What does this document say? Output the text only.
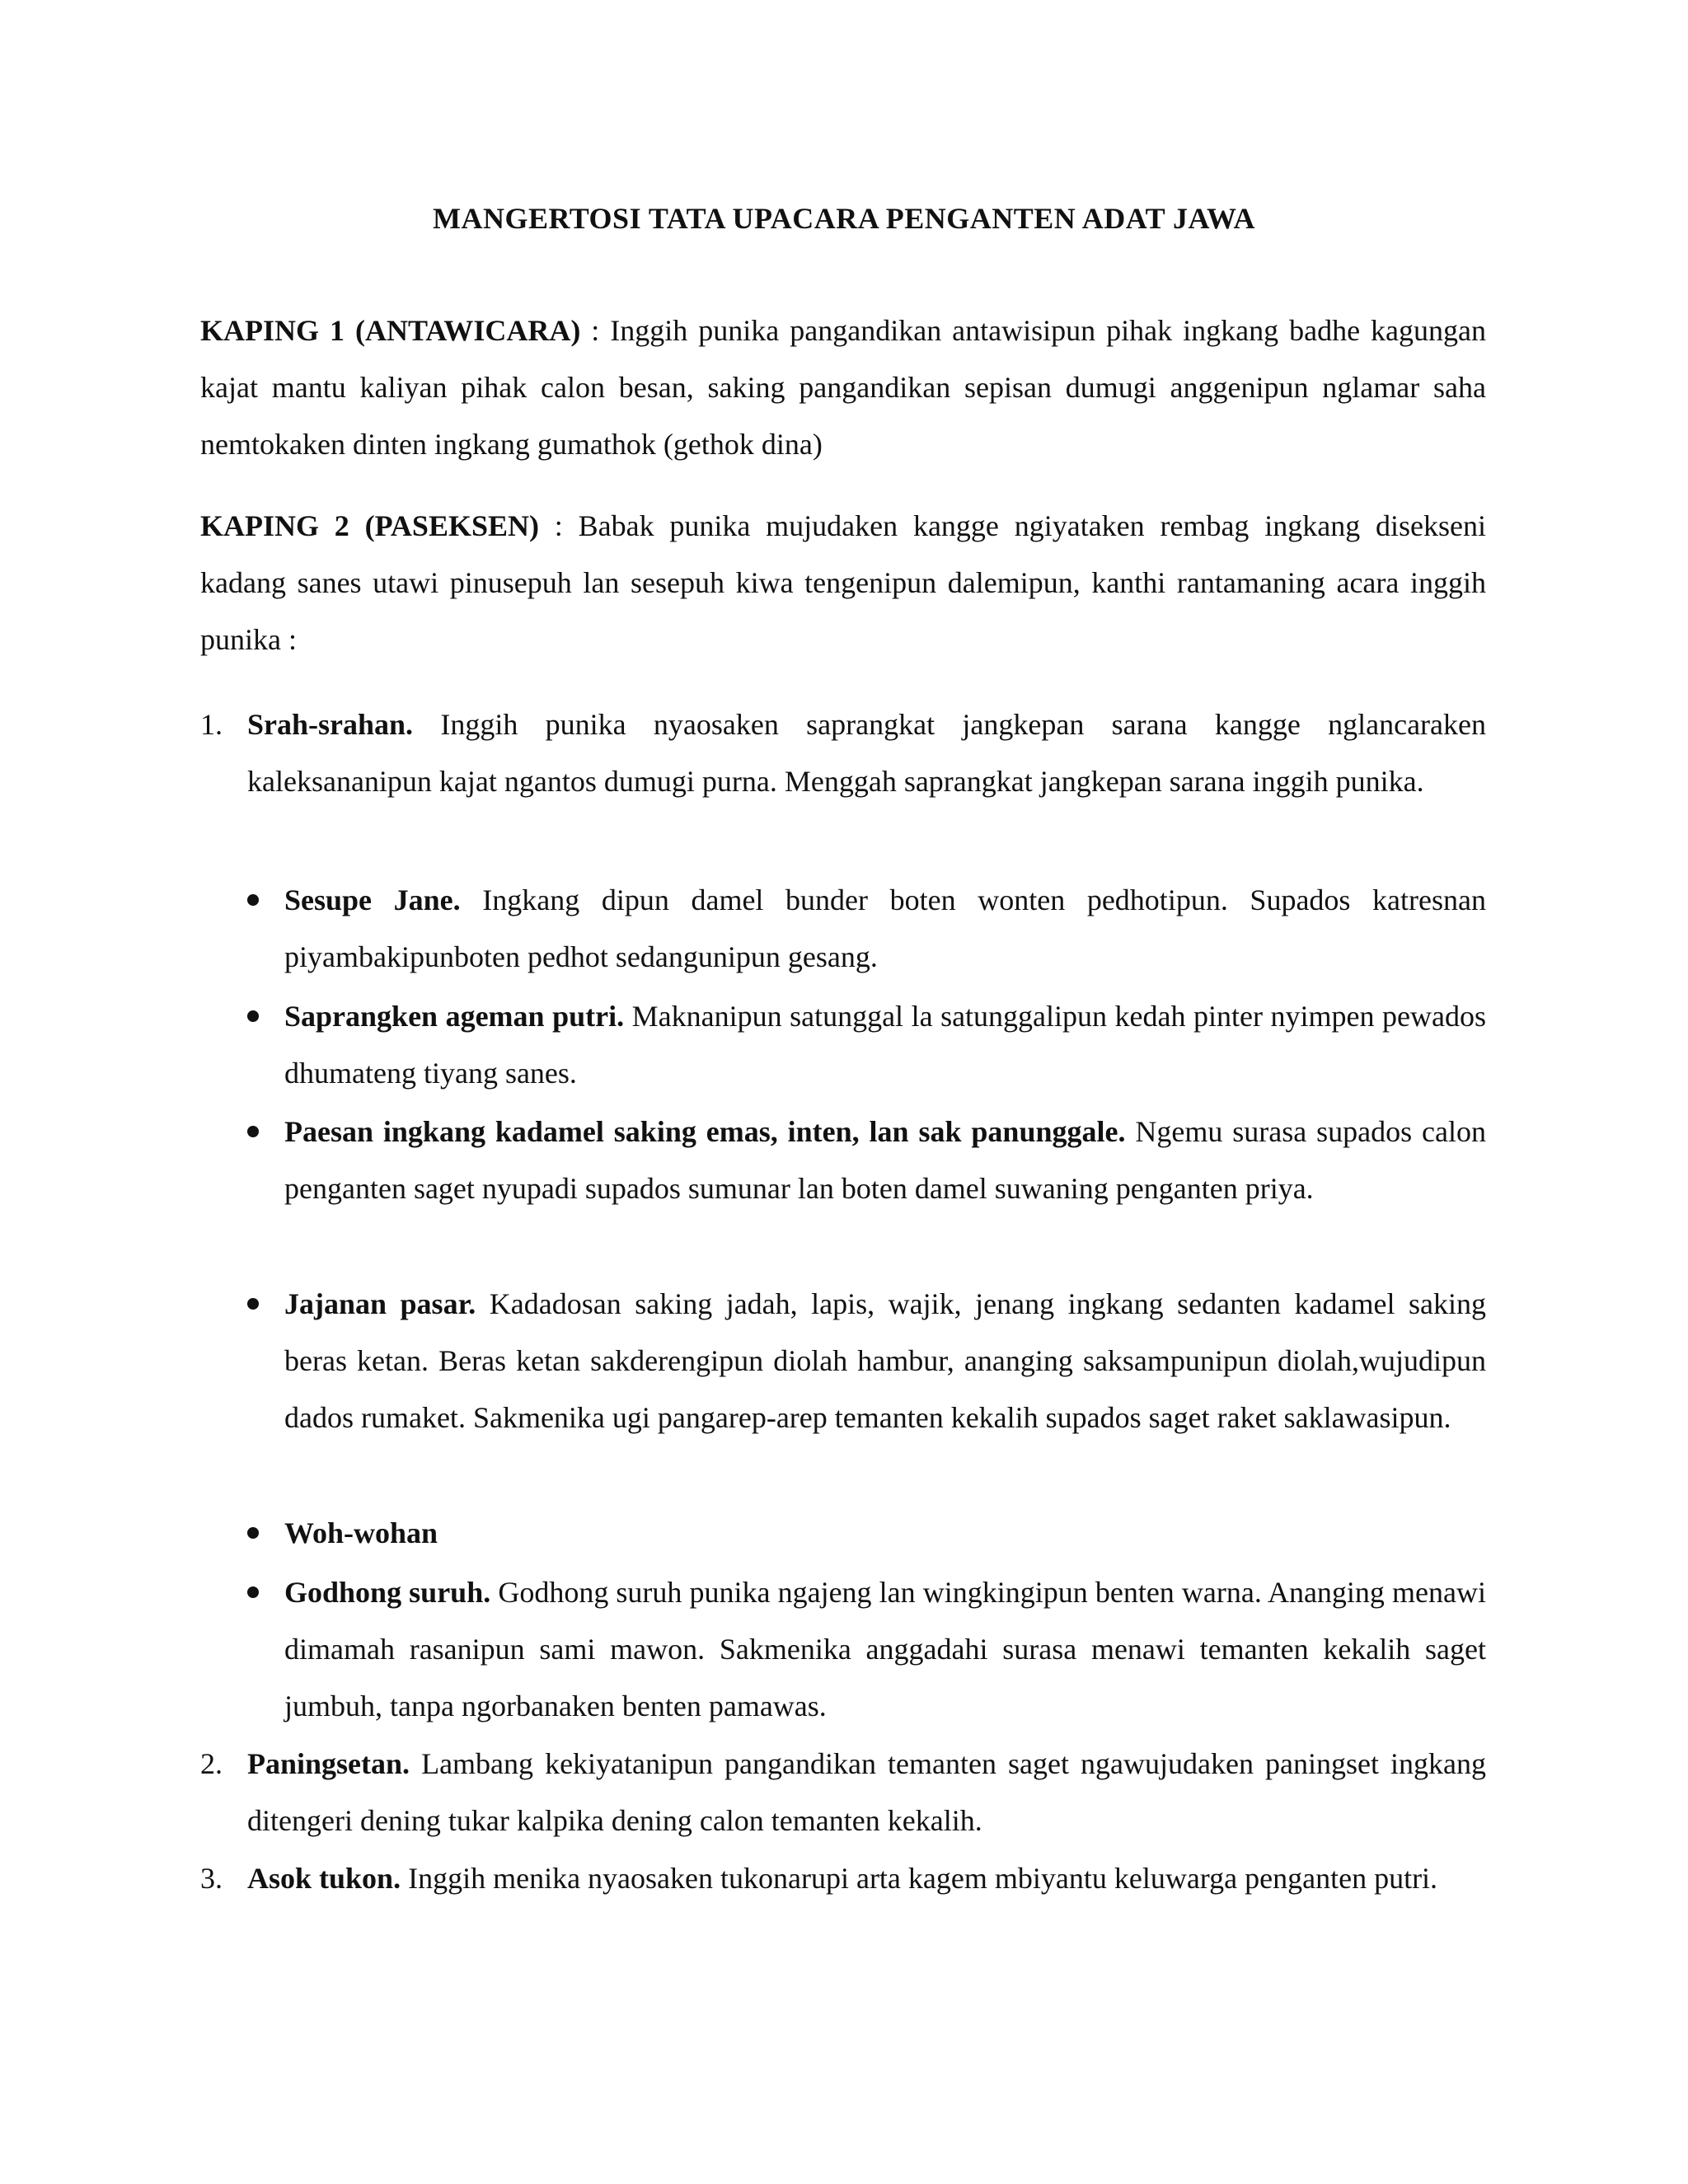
MANGERTOSI TATA UPACARA PENGANTEN ADAT JAWA

KAPING 1 (ANTAWICARA) : Inggih punika pangandikan antawisipun pihak ingkang badhe kagungan kajat mantu kaliyan pihak calon besan, saking pangandikan sepisan dumugi anggenipun nglamar saha nemtokaken dinten ingkang gumathok (gethok dina)

KAPING 2 (PASEKSEN) : Babak punika mujudaken kangge ngiyataken rembag ingkang disekseni kadang sanes utawi pinusepuh lan sesepuh kiwa tengenipun dalemipun, kanthi rantamaning acara inggih punika :

1. Srah-srahan. Inggih punika nyaosaken saprangkat jangkepan sarana kangge nglancaraken kaleksananipun kajat ngantos dumugi purna. Menggah saprangkat jangkepan sarana inggih punika.

Sesupe Jane. Ingkang dipun damel bunder boten wonten pedhotipun. Supados katresnan piyambakipunboten pedhot sedangunipun gesang.

Saprangken ageman putri. Maknanipun satunggal la satunggalipun kedah pinter nyimpen pewados dhumateng tiyang sanes.

Paesan ingkang kadamel saking emas, inten, lan sak panunggale. Ngemu surasa supados calon penganten saget nyupadi supados sumunar lan boten damel suwaning penganten priya.

Jajanan pasar. Kadadosan saking jadah, lapis, wajik, jenang ingkang sedanten kadamel saking beras ketan. Beras ketan sakderengipun diolah hambur, ananging saksampunipun diolah,wujudipun dados rumaket. Sakmenika ugi pangarep-arep temanten kekalih supados saget raket saklawasipun.

Woh-wohan

Godhong suruh. Godhong suruh punika ngajeng lan wingkingipun benten warna. Ananging menawi dimamah rasanipun sami mawon. Sakmenika anggadahi surasa menawi temanten kekalih saget jumbuh, tanpa ngorbanaken benten pamawas.

2. Paningsetan. Lambang kekiyatanipun pangandikan temanten saget ngawujudaken paningset ingkang ditengeri dening tukar kalpika dening calon temanten kekalih.

3. Asok tukon. Inggih menika nyaosaken tukonarupi arta kagem mbiyantu keluwarga penganten putri.
